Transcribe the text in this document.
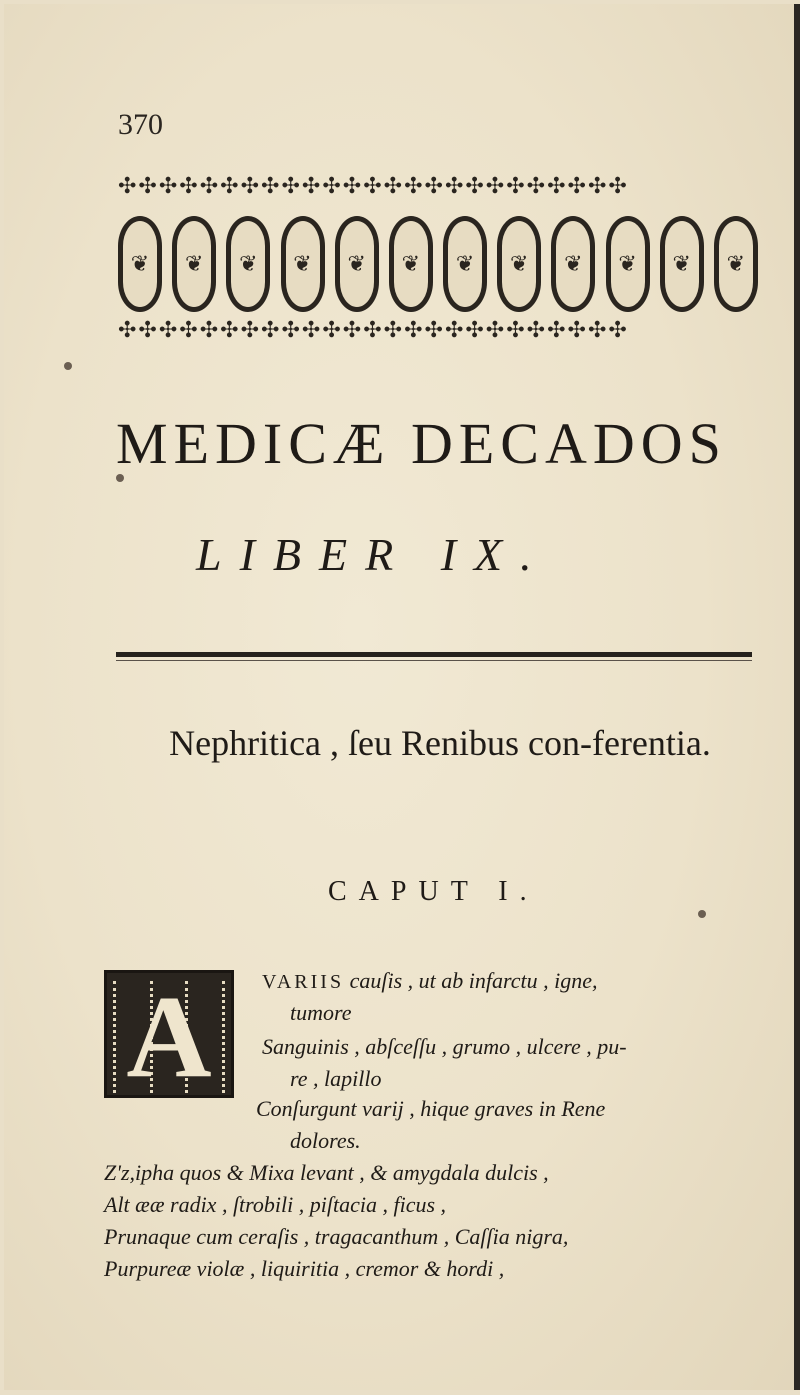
370
✣✣✣✣✣✣✣✣✣✣✣✣✣✣✣✣✣✣✣✣✣✣✣✣✣
❦	❦	❦	❦	❦	❦	❦	❦	❦	❦	❦	❦
✣✣✣✣✣✣✣✣✣✣✣✣✣✣✣✣✣✣✣✣✣✣✣✣✣
MEDICÆ DECADOS
LIBER IX.
Nephritica , ſeu Renibus con-ferentia.
CAPUT I.
A	VARIIS cauſis , ut ab infarctu , igne,
tumore
Sanguinis , abſceſſu , grumo , ulcere , pu-
re , lapillo
Conſurgunt varij , hique graves in Rene
dolores.
Z'z,ipha quos & Mixa levant , & amygdala dulcis ,
Alt ææ radix , ſtrobili , piſtacia , ficus ,
Prunaque cum ceraſis , tragacanthum , Caſſia nigra,
Purpureæ violæ , liquiritia , cremor & hordi ,
